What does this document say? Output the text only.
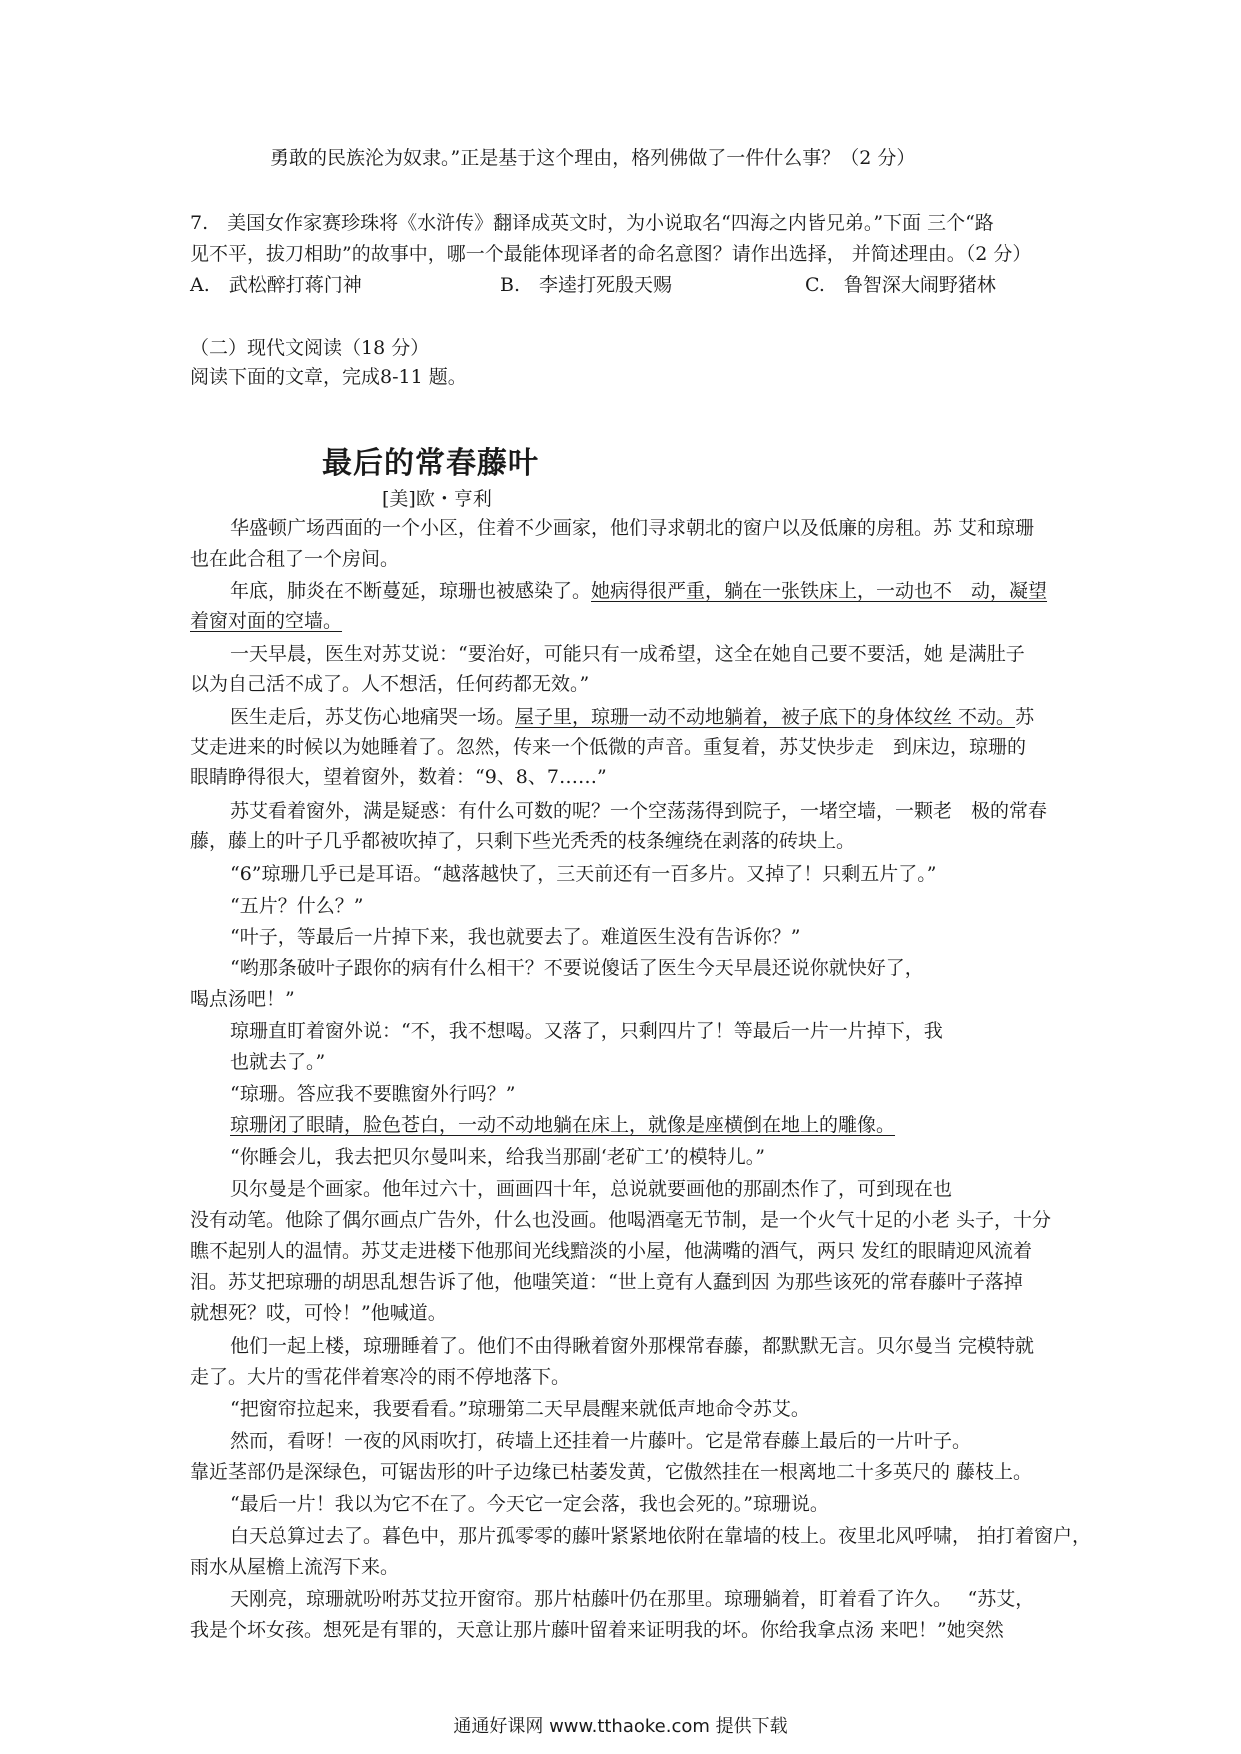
勇敢的民族沦为奴隶。”正是基于这个理由，格列佛做了一件什么事？（2 分）
7.　美国女作家赛珍珠将《水浒传》翻译成英文时，为小说取名“四海之内皆兄弟。”下面 三个“路
见不平，拔刀相助”的故事中，哪一个最能体现译者的命名意图？请作出选择， 并简述理由。（2 分）
A.　武松醉打蒋门神	B.　李逵打死殷天赐	C.　鲁智深大闹野猪林
（二）现代文阅读（18 分）
阅读下面的文章，完成8-11 题。
最后的常春藤叶
[美]欧・亨利
华盛顿广场西面的一个小区，住着不少画家，他们寻求朝北的窗户以及低廉的房租。苏 艾和琼珊
也在此合租了一个房间。
年底，肺炎在不断蔓延，琼珊也被感染了。她病得很严重，躺在一张铁床上，一动也不　动，凝望
着窗对面的空墙。
一天早晨，医生对苏艾说：“要治好，可能只有一成希望，这全在她自己要不要活，她 是满肚子
以为自己活不成了。人不想活，任何药都无效。”
医生走后，苏艾伤心地痛哭一场。屋子里，琼珊一动不动地躺着，被子底下的身体纹丝 不动。苏
艾走进来的时候以为她睡着了。忽然，传来一个低微的声音。重复着，苏艾快步走　到床边，琼珊的
眼睛睁得很大，望着窗外，数着：“9、8、7……”
苏艾看着窗外，满是疑惑：有什么可数的呢？一个空荡荡得到院子，一堵空墙，一颗老　极的常春
藤，藤上的叶子几乎都被吹掉了，只剩下些光秃秃的枝条缠绕在剥落的砖块上。
“6”琼珊几乎已是耳语。“越落越快了，三天前还有一百多片。又掉了！只剩五片了。”
“五片？什么？”
“叶子，等最后一片掉下来，我也就要去了。难道医生没有告诉你？”
“哟那条破叶子跟你的病有什么相干？不要说傻话了医生今天早晨还说你就快好了，
喝点汤吧！”
琼珊直盯着窗外说：“不，我不想喝。又落了，只剩四片了！等最后一片一片掉下，我
也就去了。”
“琼珊。答应我不要瞧窗外行吗？”
琼珊闭了眼睛，脸色苍白，一动不动地躺在床上，就像是座横倒在地上的雕像。
“你睡会儿，我去把贝尔曼叫来，给我当那副‘老矿工’的模特儿。”
贝尔曼是个画家。他年过六十，画画四十年，总说就要画他的那副杰作了，可到现在也
没有动笔。他除了偶尔画点广告外，什么也没画。他喝酒毫无节制，是一个火气十足的小老 头子，十分
瞧不起别人的温情。苏艾走进楼下他那间光线黯淡的小屋，他满嘴的酒气，两只 发红的眼睛迎风流着
泪。苏艾把琼珊的胡思乱想告诉了他，他嗤笑道：“世上竟有人蠢到因 为那些该死的常春藤叶子落掉
就想死？哎，可怜！”他喊道。
他们一起上楼，琼珊睡着了。他们不由得瞅着窗外那棵常春藤，都默默无言。贝尔曼当 完模特就
走了。大片的雪花伴着寒冷的雨不停地落下。
“把窗帘拉起来，我要看看。”琼珊第二天早晨醒来就低声地命令苏艾。
然而，看呀！一夜的风雨吹打，砖墙上还挂着一片藤叶。它是常春藤上最后的一片叶子。
靠近茎部仍是深绿色，可锯齿形的叶子边缘已枯萎发黄，它傲然挂在一根离地二十多英尺的 藤枝上。
“最后一片！我以为它不在了。今天它一定会落，我也会死的。”琼珊说。
白天总算过去了。暮色中，那片孤零零的藤叶紧紧地依附在靠墙的枝上。夜里北风呼啸， 拍打着窗户，
雨水从屋檐上流泻下来。
天刚亮，琼珊就吩咐苏艾拉开窗帘。那片枯藤叶仍在那里。琼珊躺着，盯着看了许久。　 “苏艾，
我是个坏女孩。想死是有罪的，天意让那片藤叶留着来证明我的坏。你给我拿点汤 来吧！”她突然
通通好课网 www.tthaoke.com 提供下载
